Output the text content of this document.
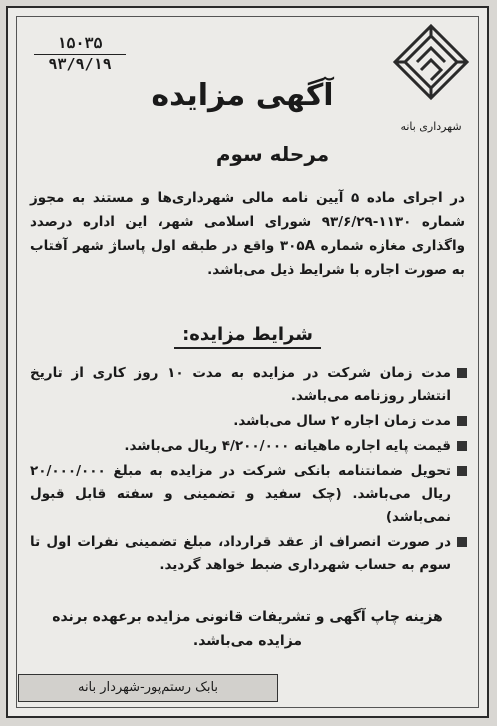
۱۵۰۳۵
۹۳/۹/۱۹
شهرداری بانه
آگهی مزایده
مرحله سوم
در اجرای ماده ۵ آیین نامه مالی شهرداری‌ها و مستند به مجوز شماره ۱۱۳۰-۹۳/۶/۲۹ شورای اسلامی شهر، این اداره درصدد واگذاری مغازه شماره ۳۰۵A واقع در طبقه اول پاساژ شهر آفتاب به صورت اجاره با شرایط ذیل می‌باشد.
شرایط مزایده:
مدت زمان شرکت در مزایده به مدت ۱۰ روز کاری از تاریخ انتشار روزنامه می‌باشد.
مدت زمان اجاره ۲ سال می‌باشد.
قیمت پایه اجاره ماهیانه ۴/۲۰۰/۰۰۰ ریال می‌باشد.
تحویل ضمانتنامه بانکی شرکت در مزایده به مبلغ ۲۰/۰۰۰/۰۰۰ ریال می‌باشد. (چک سفید و تضمینی و سفته قابل قبول نمی‌باشد)
در صورت انصراف از عقد قرارداد، مبلغ تضمینی نفرات اول تا سوم به حساب شهرداری ضبط خواهد گردید.
هزینه چاپ آگهی و تشریفات قانونی مزایده برعهده برنده مزایده می‌باشد.
بابک رستم‌پور-شهردار بانه
